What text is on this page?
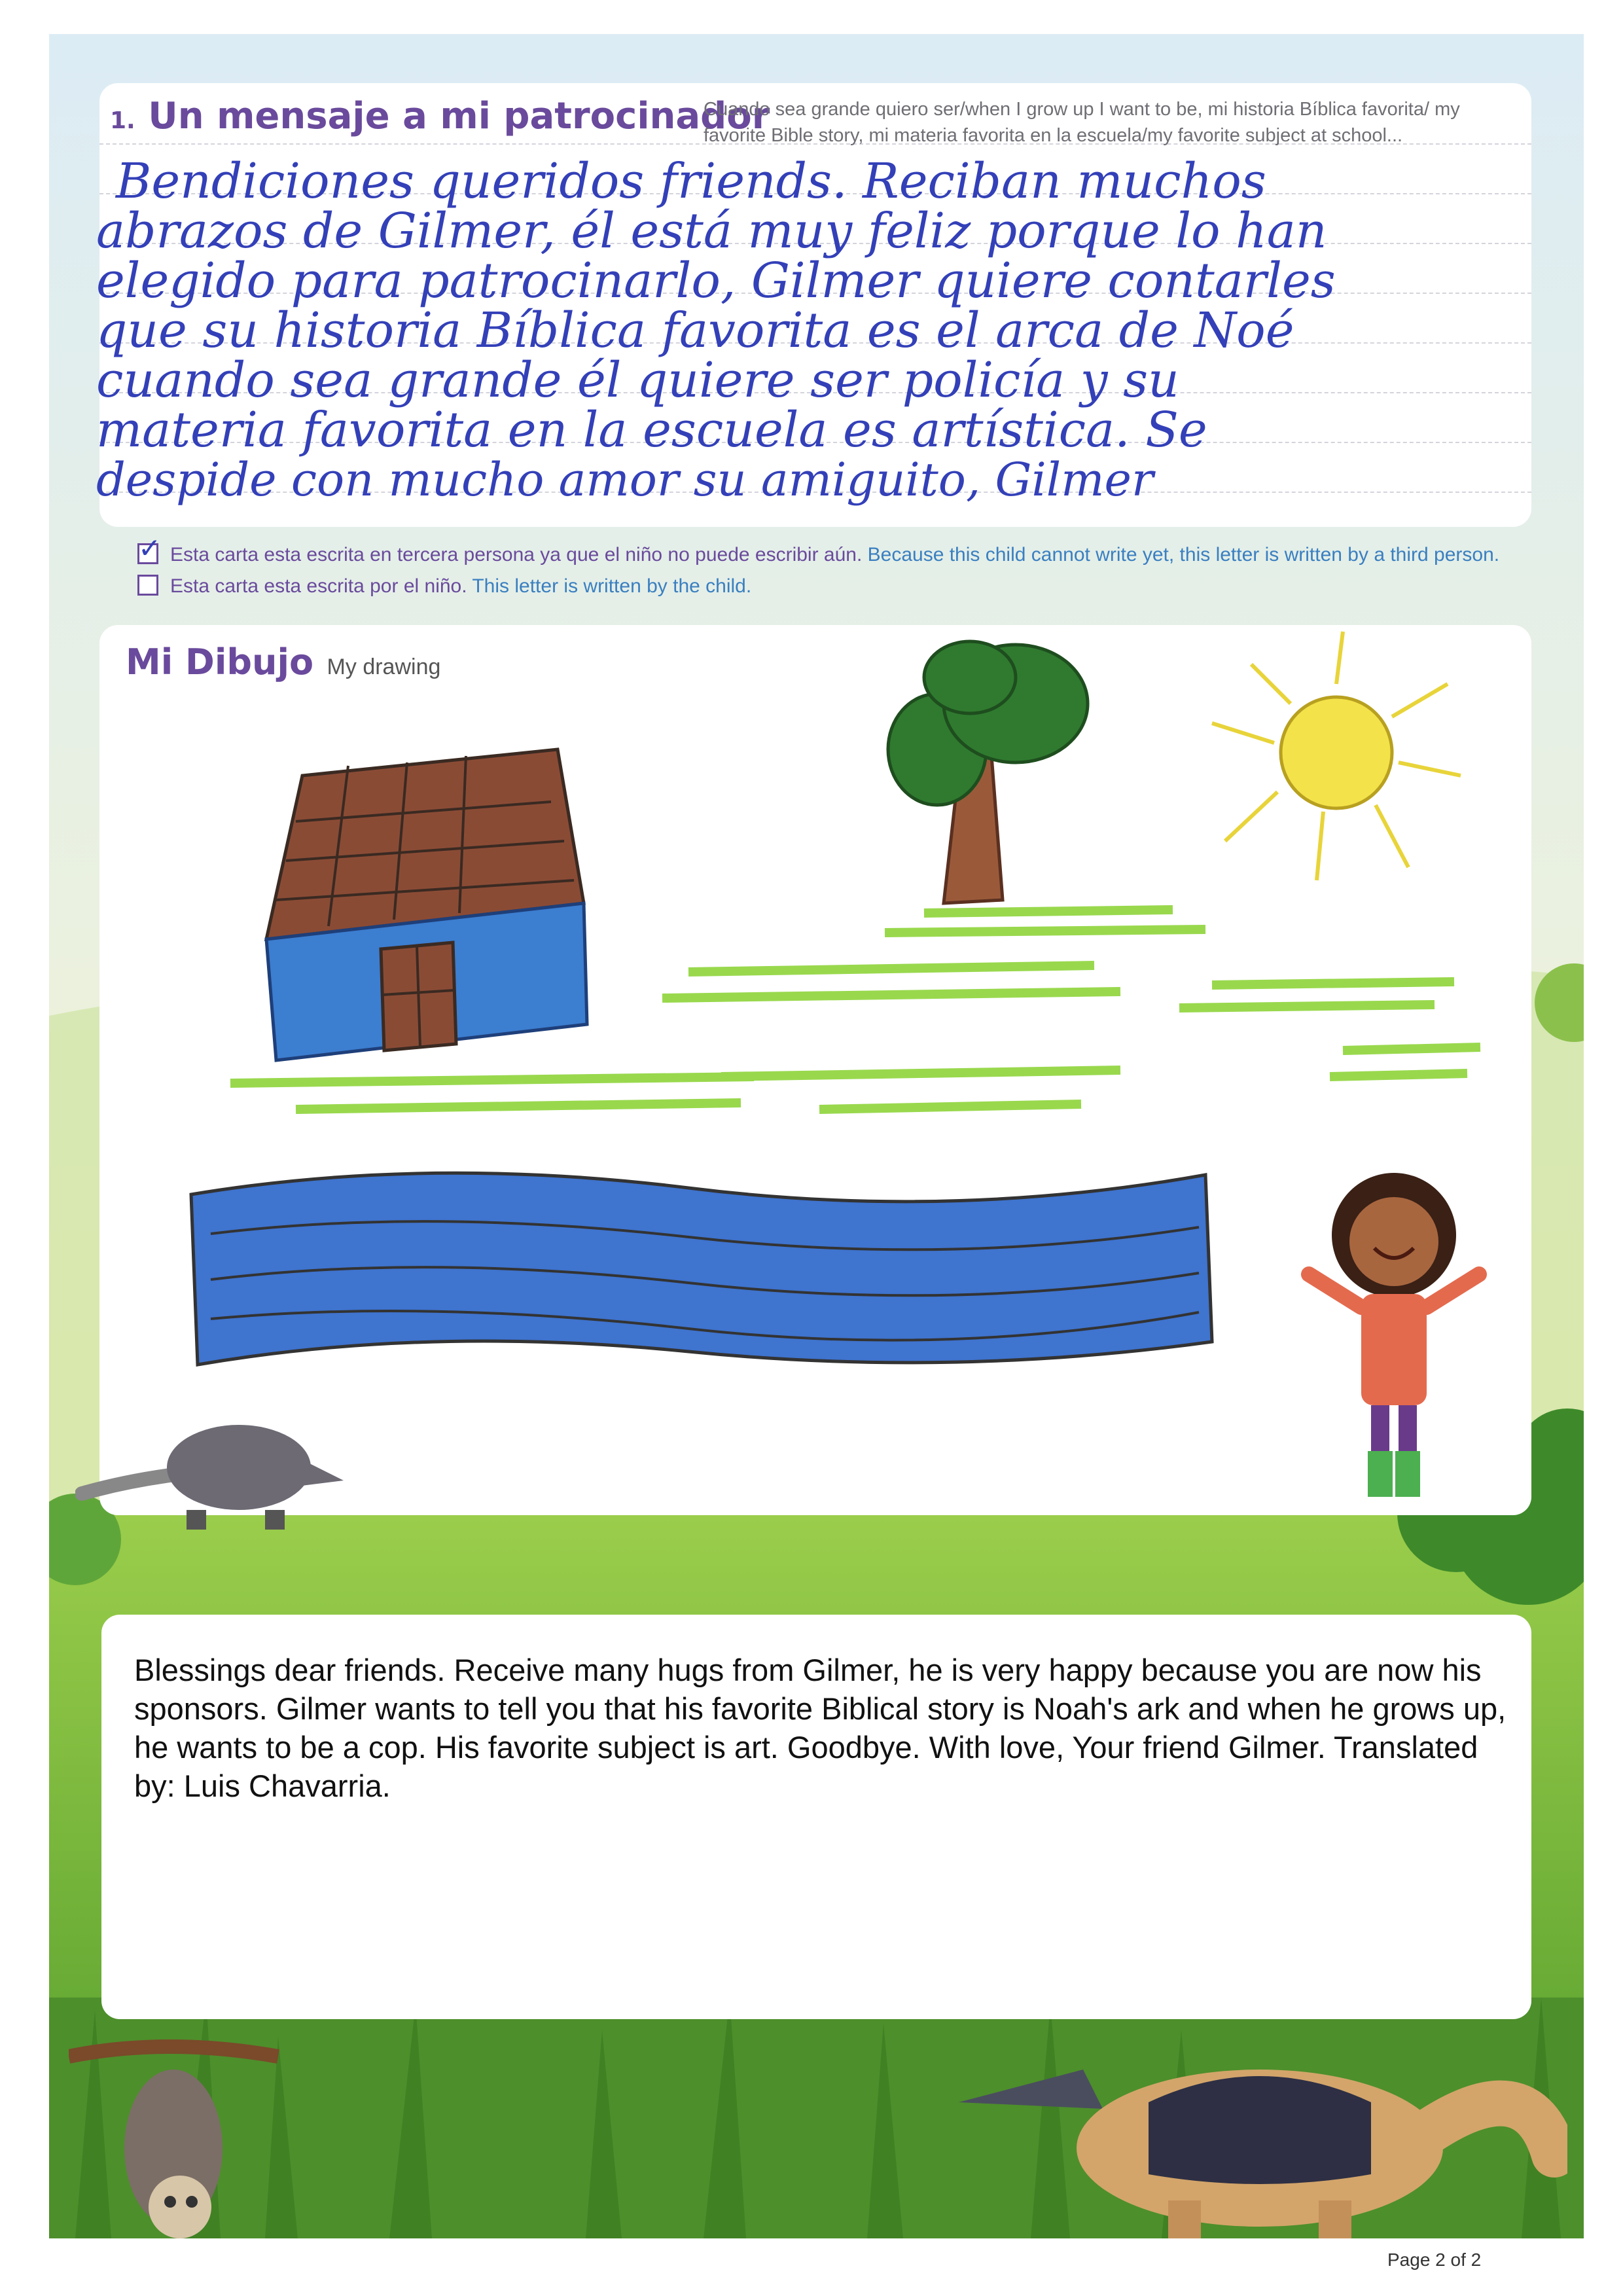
1. Un mensaje a mi patrocinador
Cuando sea grande quiero ser/when I grow up I want to be, mi historia Bíblica favorita/ my favorite Bible story, mi materia favorita en la escuela/my favorite subject at school...
Bendiciones queridos friends. Reciban muchos
abrazos de Gilmer, él está muy feliz porque lo han
elegido para patrocinarlo, Gilmer quiere contarles
que su historia Bíblica favorita es el arca de Noé
cuando sea grande él quiere ser policía y su
materia favorita en la escuela es artística. Se
despide con mucho amor su amiguito, Gilmer
✓ Esta carta esta escrita en tercera persona ya que el niño no puede escribir aún. Because this child cannot write yet, this letter is written by a third person.
Esta carta esta escrita por el niño. This letter is written by the child.
Mi Dibujo My drawing
Blessings dear friends. Receive many hugs from Gilmer, he is very happy because you are now his sponsors. Gilmer wants to tell you that his favorite Biblical story is Noah's ark and when he grows up, he wants to be a cop. His favorite subject is art. Goodbye. With love, Your friend Gilmer. Translated by: Luis Chavarria.
Page 2 of 2
